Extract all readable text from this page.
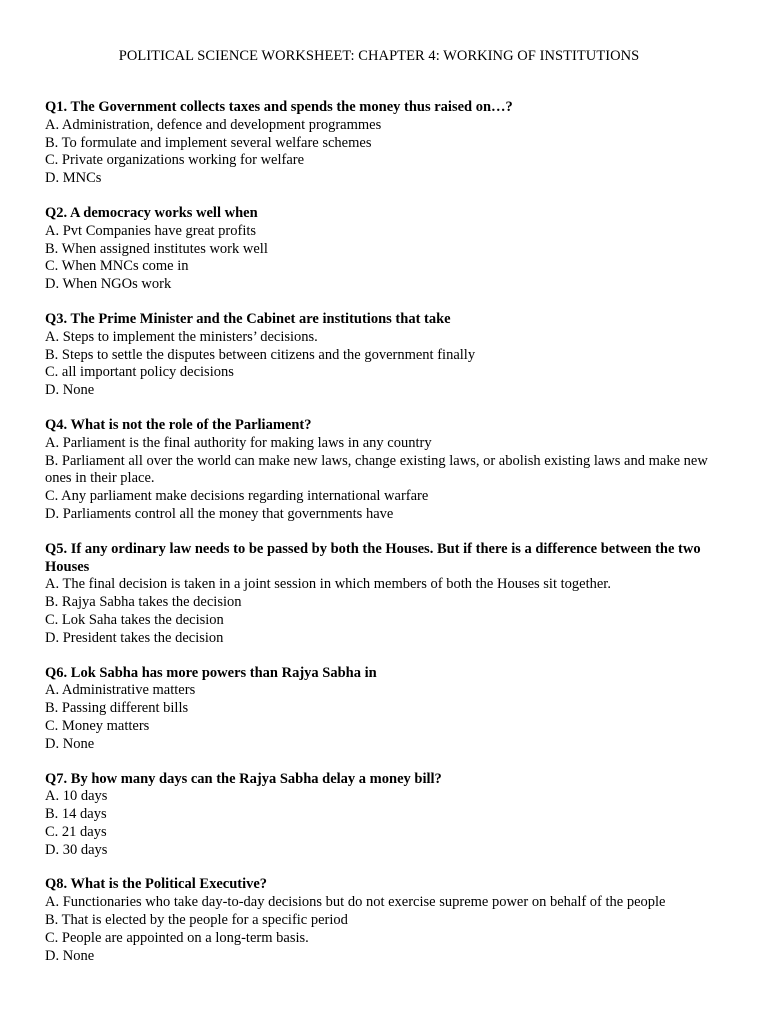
POLITICAL SCIENCE WORKSHEET: CHAPTER 4: WORKING OF INSTITUTIONS

Q1. The Government collects taxes and spends the money thus raised on…?

A. Administration, defence and development programmes
B. To formulate and implement several welfare schemes
C. Private organizations working for welfare
D. MNCs

Q2. A democracy works well when

A. Pvt Companies have great profits
B. When assigned institutes work well
C. When MNCs come in
D. When NGOs work

Q3. The Prime Minister and the Cabinet are institutions that take

A. Steps to implement the ministers’ decisions.
B. Steps to settle the disputes between citizens and the government finally
C. all important policy decisions
D. None

Q4. What is not the role of the Parliament?

A. Parliament is the final authority for making laws in any country
B. Parliament all over the world can make new laws, change existing laws, or abolish existing laws and make new ones in their place.
C. Any parliament make decisions regarding international warfare
D. Parliaments control all the money that governments have

Q5. If any ordinary law needs to be passed by both the Houses. But if there is a difference between the two Houses

A. The final decision is taken in a joint session in which members of both the Houses sit together.
B. Rajya Sabha takes the decision
C. Lok Saha takes the decision
D. President takes the decision

Q6. Lok Sabha has more powers than Rajya Sabha in

A. Administrative matters
B. Passing different bills
C. Money matters
D. None

Q7. By how many days can the Rajya Sabha delay a money bill?

A. 10 days
B. 14 days
C. 21 days
D. 30 days

Q8. What is the Political Executive?

A. Functionaries who take day-to-day decisions but do not exercise supreme power on behalf of the people
B. That is elected by the people for a specific period
C. People are appointed on a long-term basis.
D. None
